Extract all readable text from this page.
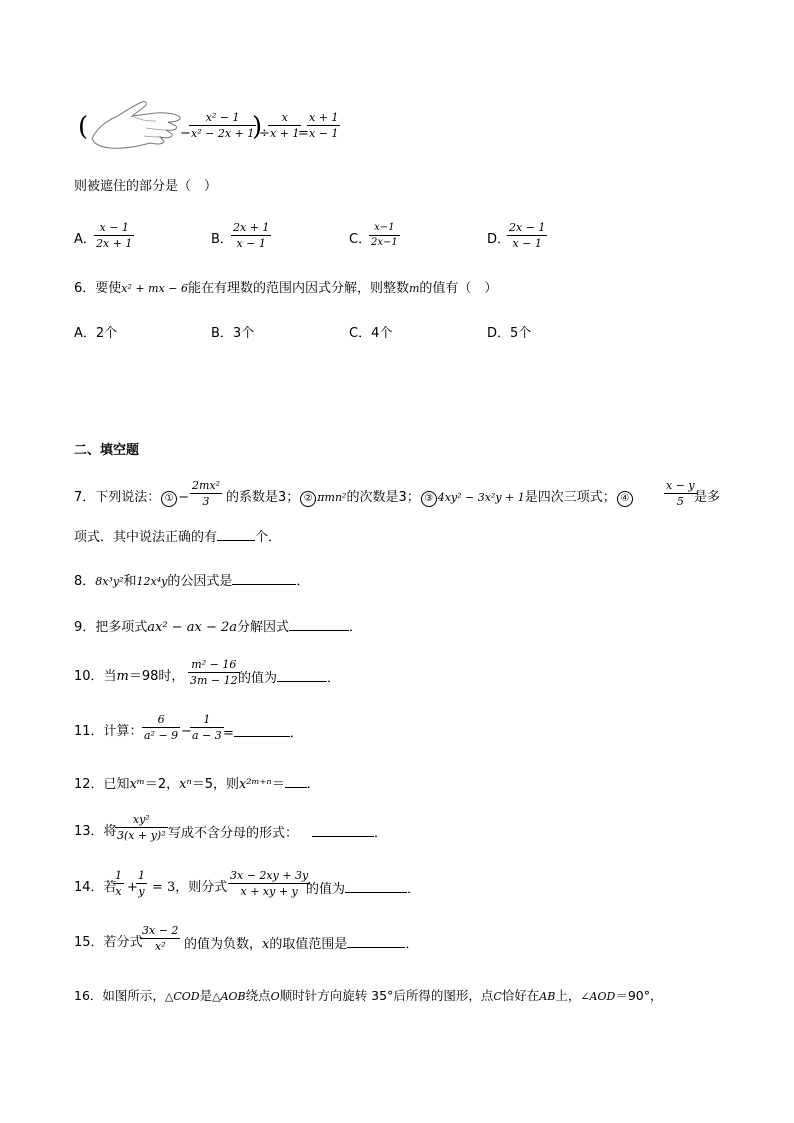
(	−
$\frac{\text{x² − 1}}{\text{x² − 2x + 1}}$
)
÷
$\frac{x}{x + 1}$
=
$\frac{x + 1}{x - 1}$
则被遮住的部分是（　）
A．
$\frac{x - 1}{2x + 1}$	B．
$\frac{2x + 1}{x - 1}$	C．
$\frac{x-1}{2x-1}$	D．
$\frac{2x - 1}{x - 1}$
6．要使x² + mx − 6能在有理数的范围内因式分解，则整数m的值有（　）
A．2个	B．3个	C．4个	D．5个
二、填空题
7．下列说法： ① − $\frac{\text{2mx²}}{3}$ 的系数是3； ② πmn²的次数是3； ③ 4xy² − 3x²y + 1是四次三项式； ④	$\frac{x - y}{5}$
是多
项式．其中说法正确的有	个．
8．8x³y²和12x⁴y的公因式是	．
9．把多项式ax² − ax − 2a分解因式	．
10．当m＝98时， $\frac{\text{m² − 16}}{3m - 12}$
的值为	．
11．计算： $\frac{6}{\text{a² − 9}}$ −
$\frac{1}{a - 3}$ =	．
12．已知xᵐ＝2，xⁿ＝5，则x²ᵐ⁺ⁿ＝ ．
13．将
$\frac{\text{xy²}}{\text{3(x + y)²}}$ 写成不含分母的形式：	．
14．若
$\frac{1}{x}$ +
$\frac{1}{y} = 3$，则分式 $\frac{3x - 2xy + 3y}{x + xy + y}$
的值为	．
15．若分式
$\frac{3x - 2}{\text{x²}}$ 的值为负数，x的取值范围是	．
16．如图所示，△COD是△AOB绕点O顺时针方向旋转 35°后所得的图形，点C恰好在AB上，∠AOD＝90°，
